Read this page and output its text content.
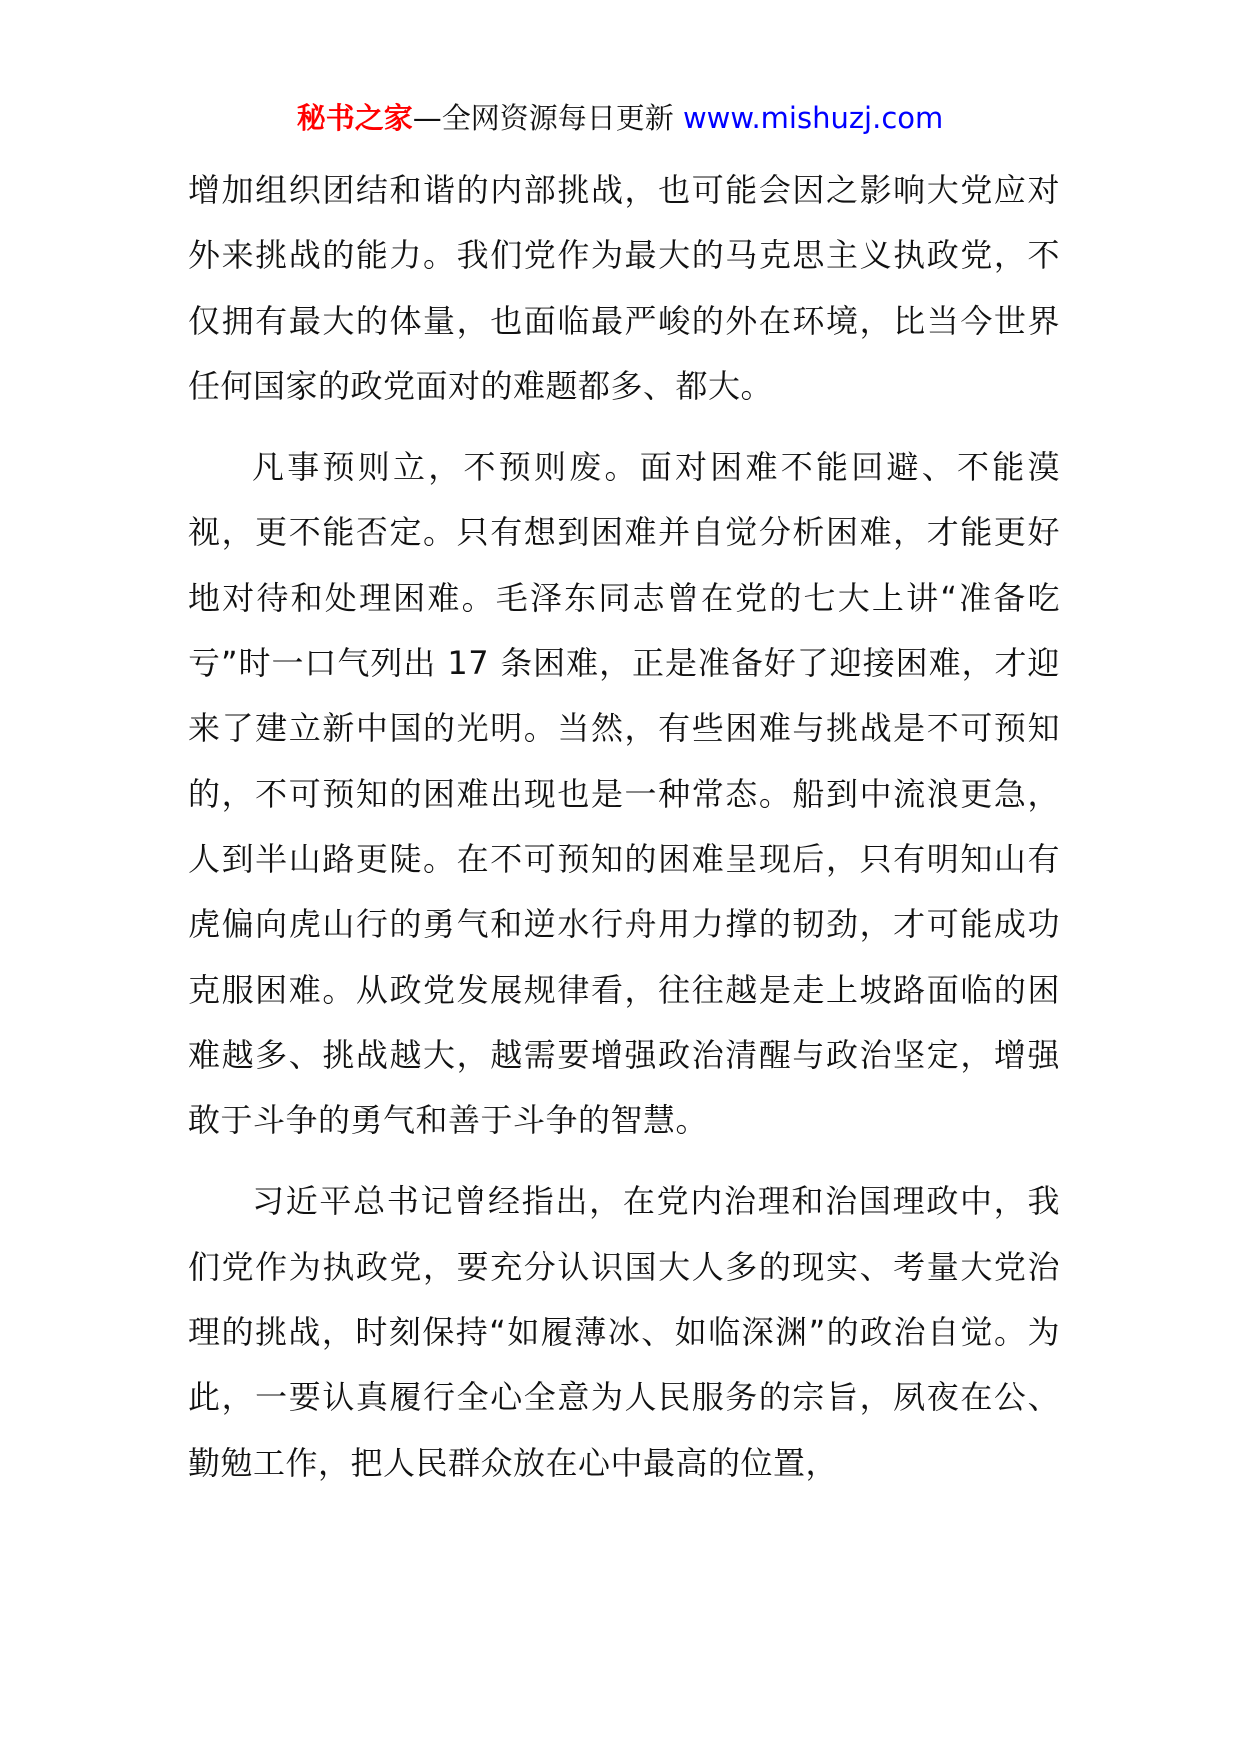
秘书之家—全网资源每日更新 www.mishuzj.com

增加组织团结和谐的内部挑战，也可能会因之影响大党应对外来挑战的能力。我们党作为最大的马克思主义执政党，不仅拥有最大的体量，也面临最严峻的外在环境，比当今世界任何国家的政党面对的难题都多、都大。

凡事预则立，不预则废。面对困难不能回避、不能漠视，更不能否定。只有想到困难并自觉分析困难，才能更好地对待和处理困难。毛泽东同志曾在党的七大上讲“准备吃亏”时一口气列出 17 条困难，正是准备好了迎接困难，才迎来了建立新中国的光明。当然，有些困难与挑战是不可预知的，不可预知的困难出现也是一种常态。船到中流浪更急，人到半山路更陡。在不可预知的困难呈现后，只有明知山有虎偏向虎山行的勇气和逆水行舟用力撑的韧劲，才可能成功克服困难。从政党发展规律看，往往越是走上坡路面临的困难越多、挑战越大，越需要增强政治清醒与政治坚定，增强敢于斗争的勇气和善于斗争的智慧。

习近平总书记曾经指出，在党内治理和治国理政中，我们党作为执政党，要充分认识国大人多的现实、考量大党治理的挑战，时刻保持“如履薄冰、如临深渊”的政治自觉。为此，一要认真履行全心全意为人民服务的宗旨，夙夜在公、勤勉工作，把人民群众放在心中最高的位置，
